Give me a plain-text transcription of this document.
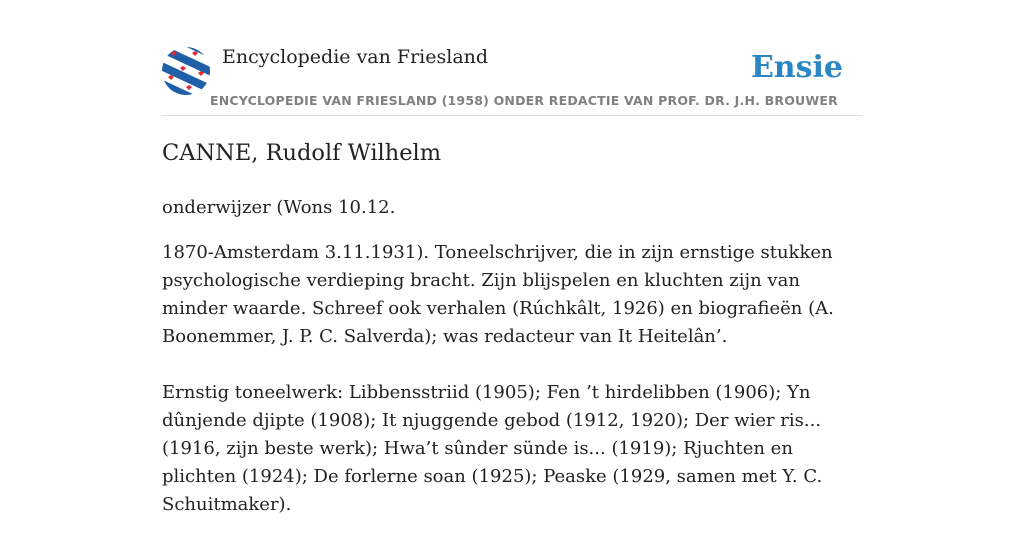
Encyclopedie van Friesland	Ensie
ENCYCLOPEDIE VAN FRIESLAND (1958) ONDER REDACTIE VAN PROF. DR. J.H. BROUWER
CANNE, Rudolf Wilhelm

onderwijzer (Wons 10.12.

1870-Amsterdam 3.11.1931). Toneelschrijver, die in zijn ernstige stukken psychologische verdieping bracht. Zijn blijspelen en kluchten zijn van minder waarde. Schreef ook verhalen (Rúchkâlt, 1926) en biografieën (A. Boonemmer, J. P. C. Salverda); was redacteur van It Heitelân’.

Ernstig toneelwerk: Libbensstriid (1905); Fen ’t hirdelibben (1906); Yn dûnjende djipte (1908); It njuggende gebod (1912, 1920); Der wier ris... (1916, zijn beste werk); Hwa’t sûnder sünde is... (1919); Rjuchten en plichten (1924); De forlerne soan (1925); Peaske (1929, samen met Y. C. Schuitmaker).
